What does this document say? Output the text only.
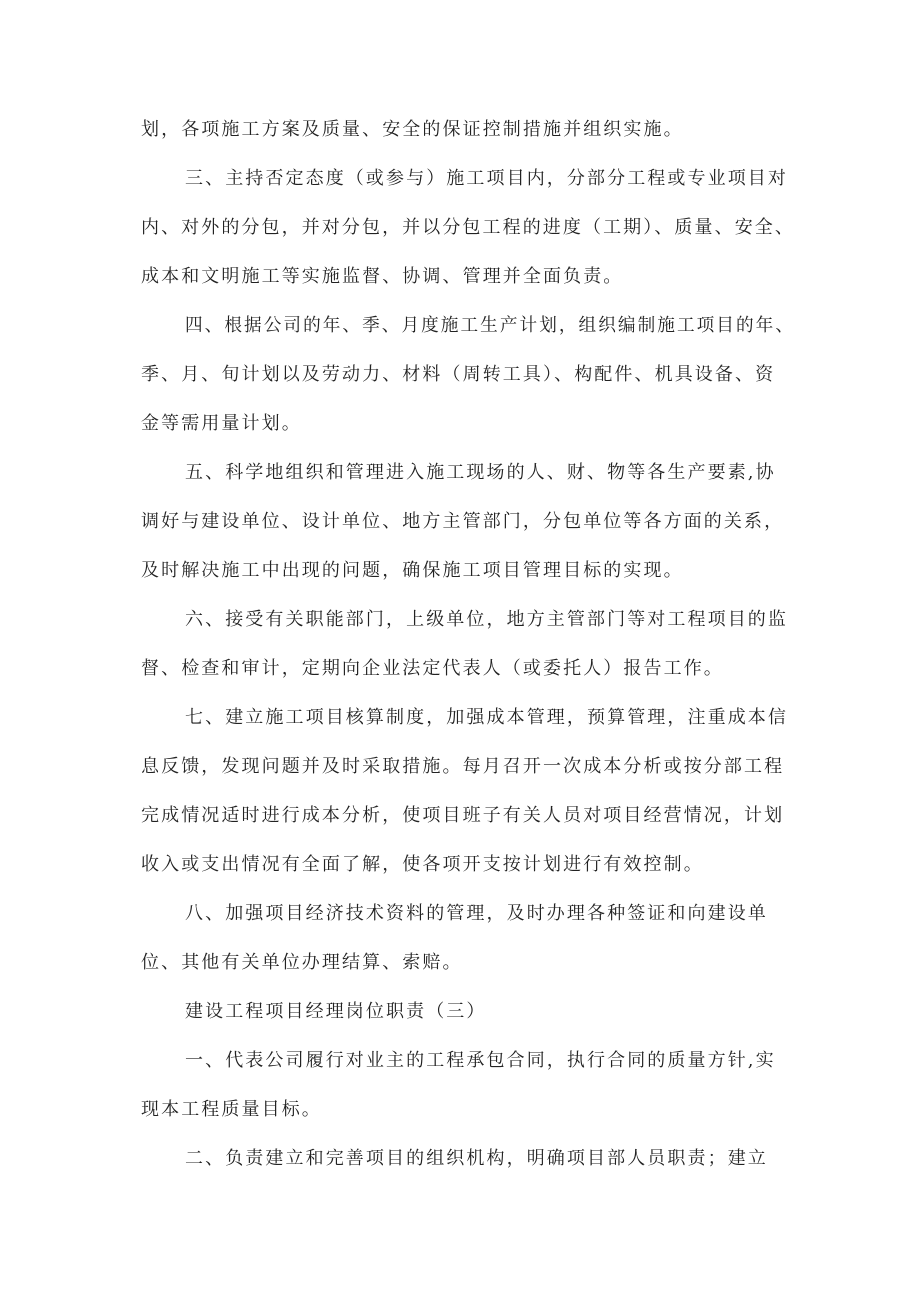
划，各项施工方案及质量、安全的保证控制措施并组织实施。
三、主持否定态度（或参与）施工项目内，分部分工程或专业项目对
内、对外的分包，并对分包，并以分包工程的进度（工期）、质量、安全、
成本和文明施工等实施监督、协调、管理并全面负责。
四、根据公司的年、季、月度施工生产计划，组织编制施工项目的年、
季、月、旬计划以及劳动力、材料（周转工具）、构配件、机具设备、资
金等需用量计划。
五、科学地组织和管理进入施工现场的人、财、物等各生产要素,协
调好与建设单位、设计单位、地方主管部门，分包单位等各方面的关系，
及时解决施工中出现的问题，确保施工项目管理目标的实现。
六、接受有关职能部门，上级单位，地方主管部门等对工程项目的监
督、检查和审计，定期向企业法定代表人（或委托人）报告工作。
七、建立施工项目核算制度，加强成本管理，预算管理，注重成本信
息反馈，发现问题并及时采取措施。每月召开一次成本分析或按分部工程
完成情况适时进行成本分析，使项目班子有关人员对项目经营情况，计划
收入或支出情况有全面了解，使各项开支按计划进行有效控制。
八、加强项目经济技术资料的管理，及时办理各种签证和向建设单
位、其他有关单位办理结算、索赔。
建设工程项目经理岗位职责（三）
一、代表公司履行对业主的工程承包合同，执行合同的质量方针,实
现本工程质量目标。
二、负责建立和完善项目的组织机构，明确项目部人员职责；建立
